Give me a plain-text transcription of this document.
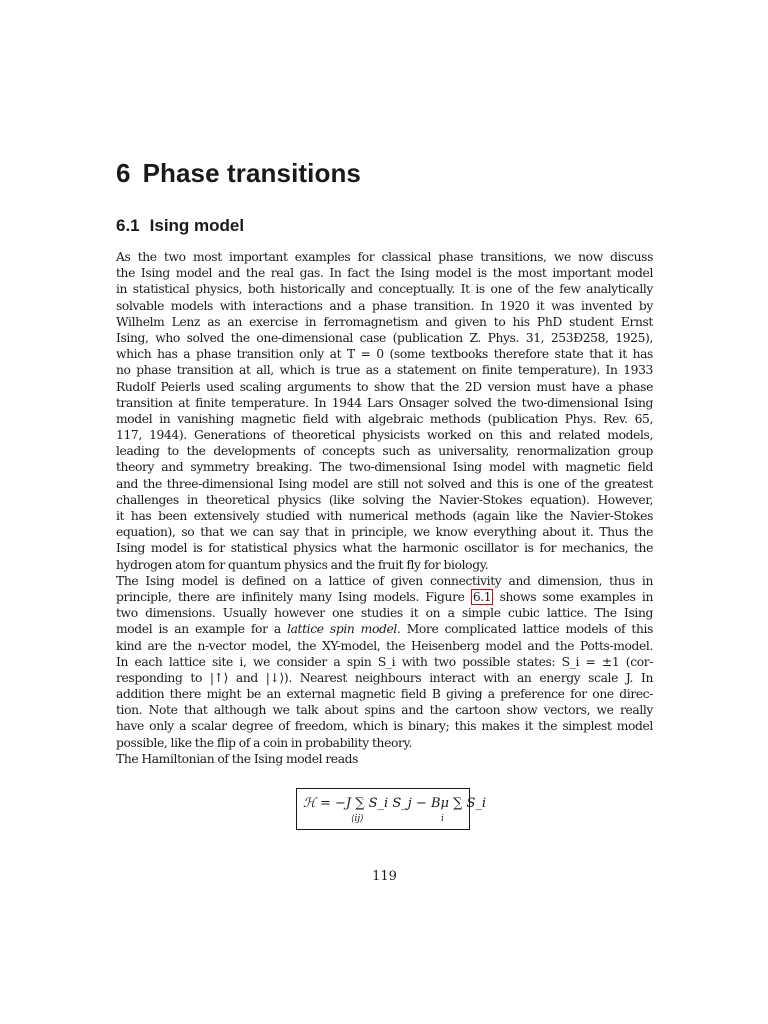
6 Phase transitions
6.1 Ising model
As the two most important examples for classical phase transitions, we now discuss
the Ising model and the real gas. In fact the Ising model is the most important model
in statistical physics, both historically and conceptually. It is one of the few analytically
solvable models with interactions and a phase transition. In 1920 it was invented by
Wilhelm Lenz as an exercise in ferromagnetism and given to his PhD student Ernst
Ising, who solved the one-dimensional case (publication Z. Phys. 31, 253Ð258, 1925),
which has a phase transition only at T = 0 (some textbooks therefore state that it has
no phase transition at all, which is true as a statement on finite temperature). In 1933
Rudolf Peierls used scaling arguments to show that the 2D version must have a phase
transition at finite temperature. In 1944 Lars Onsager solved the two-dimensional Ising
model in vanishing magnetic field with algebraic methods (publication Phys. Rev. 65,
117, 1944). Generations of theoretical physicists worked on this and related models,
leading to the developments of concepts such as universality, renormalization group
theory and symmetry breaking. The two-dimensional Ising model with magnetic field
and the three-dimensional Ising model are still not solved and this is one of the greatest
challenges in theoretical physics (like solving the Navier-Stokes equation). However,
it has been extensively studied with numerical methods (again like the Navier-Stokes
equation), so that we can say that in principle, we know everything about it. Thus the
Ising model is for statistical physics what the harmonic oscillator is for mechanics, the
hydrogen atom for quantum physics and the fruit fly for biology.
The Ising model is defined on a lattice of given connectivity and dimension, thus in
principle, there are infinitely many Ising models. Figure 6.1 shows some examples in
two dimensions. Usually however one studies it on a simple cubic lattice. The Ising
model is an example for a lattice spin model. More complicated lattice models of this
kind are the n-vector model, the XY-model, the Heisenberg model and the Potts-model.
In each lattice site i, we consider a spin S_i with two possible states: S_i = ±1 (cor-
responding to |↑⟩ and |↓⟩). Nearest neighbours interact with an energy scale J. In
addition there might be an external magnetic field B giving a preference for one direc-
tion. Note that although we talk about spins and the cartoon show vectors, we really
have only a scalar degree of freedom, which is binary; this makes it the simplest model
possible, like the flip of a coin in probability theory.
The Hamiltonian of the Ising model reads
ℋ = −J ∑ S_i S_j − Bμ ∑ S_i
⟨ij⟩	i
119
